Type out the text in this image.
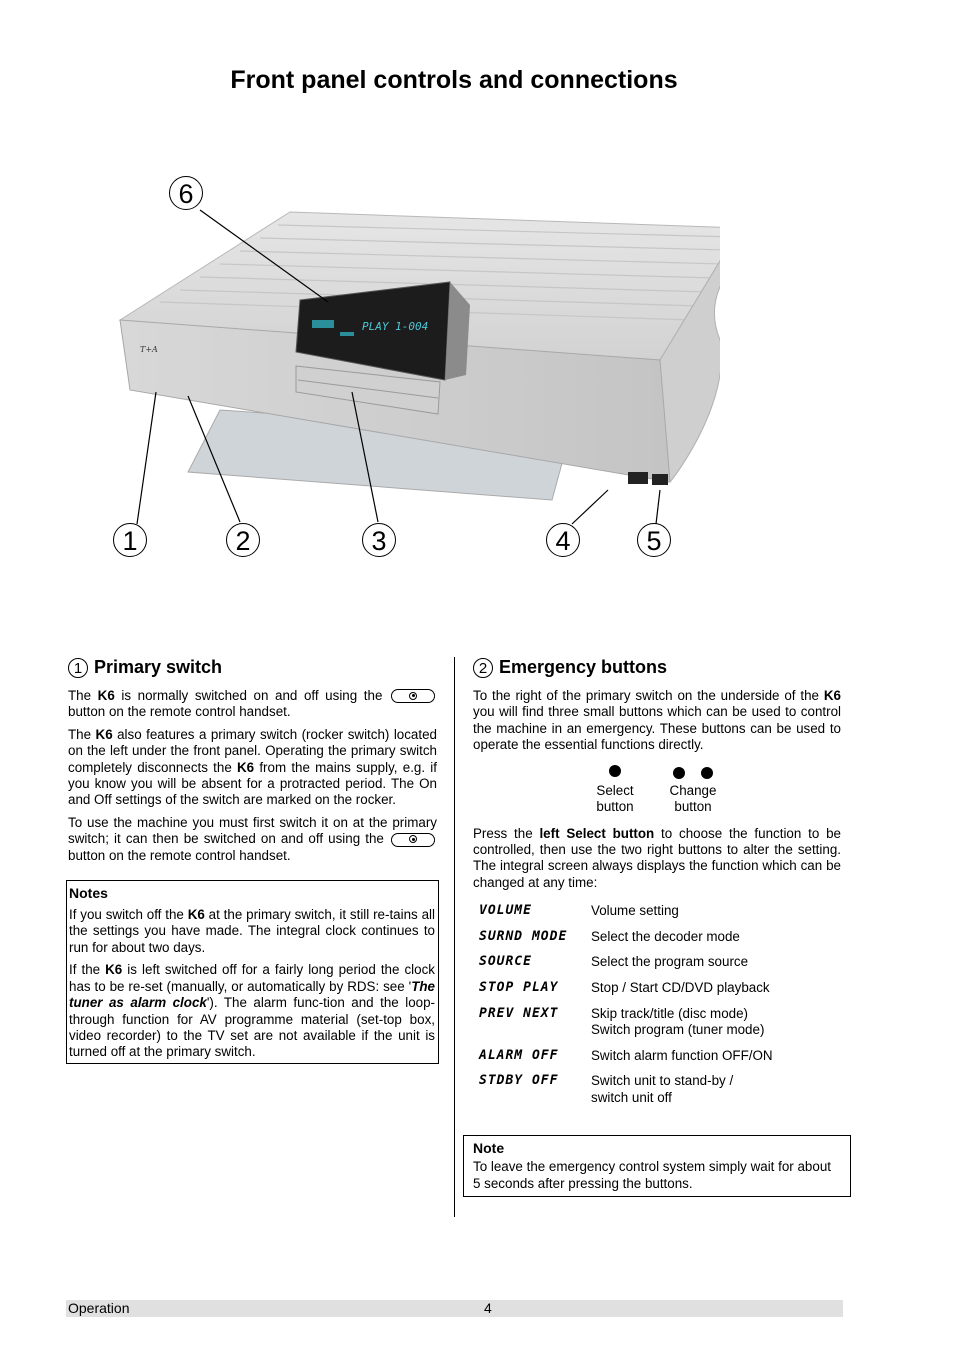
Front panel controls and connections
PLAY 1-004
T+A
6
1	2	3	4	5
1 Primary switch

The K6 is normally switched on and off using the  button on the remote control handset.

The K6 also features a primary switch (rocker switch) located on the left under the front panel. Operating the primary switch completely disconnects the K6 from the mains supply, e.g. if you know you will be absent for a protracted period. The On and Off settings of the switch are marked on the rocker.

To use the machine you must first switch it on at the primary switch; it can then be switched on and off using the  button on the remote control handset.

Notes

If you switch off the K6 at the primary switch, it still re-tains all the settings you have made. The integral clock continues to run for about two days.

If the K6 is left switched off for a fairly long period the clock has to be re-set (manually, or automatically by RDS: see 'The tuner as alarm clock'). The alarm func-tion and the loop-through function for AV programme material (set-top box, video recorder) to the TV set are not available if the unit is turned off at the primary switch.

2 Emergency buttons

To the right of the primary switch on the underside of the K6 you will find three small buttons which can be used to control the machine in an emergency. These buttons can be used to operate the essential functions directly.

Select
button
Change
button

Press the left Select button to choose the function to be controlled, then use the two right buttons to alter the setting. The integral screen always displays the function which can be changed at any time:

VOLUME	Volume setting
SURND MODE	Select the decoder mode
SOURCE	Select the program source
STOP PLAY	Stop / Start CD/DVD playback
PREV NEXT	Skip track/title (disc mode)
Switch program (tuner mode)
ALARM OFF	Switch alarm function OFF/ON
STDBY OFF	Switch unit to stand-by /
switch unit off
Note
To leave the emergency control system simply wait for about 5 seconds after pressing the buttons.
Operation	4
